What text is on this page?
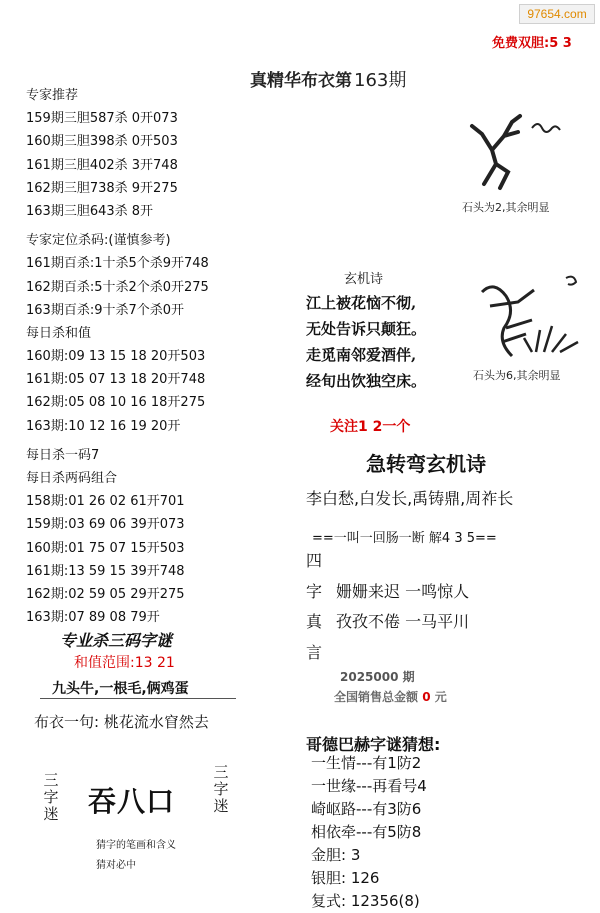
97654.com
免费双胆:5 3
真精华布衣第 163期
专家推荐
159期三胆587杀 0开073
160期三胆398杀 0开503
161期三胆402杀 3开748
162期三胆738杀 9开275
163期三胆643杀 8开
专家定位杀码:(谨慎参考)
161期百杀:1十杀5个杀9开748
162期百杀:5十杀2个杀0开275
163期百杀:9十杀7个杀0开
每日杀和值
160期:09 13 15 18 20开503
161期:05 07 13 18 20开748
162期:05 08 10 16 18开275
163期:10 12 16 19 20开
每日杀一码7
每日杀两码组合
158期:01 26 02 61开701
159期:03 69 06 39开073
160期:01 75 07 15开503
161期:13 59 15 39开748
162期:02 59 05 29开275
163期:07 89 08 79开
石头为2,其余明显
石头为6,其余明显
玄机诗
江上被花恼不彻,
无处告诉只颠狂。
走觅南邻爱酒伴,
经旬出饮独空床。
关注1 2一个
急转弯玄机诗
李白愁,白发长,禹铸鼎,周祚长
==一叫一回肠一断 解4 3 5==
四
字 姗姗来迟 一鸣惊人
真 孜孜不倦 一马平川
言
2025000 期
全国销售总金额 0 元
哥德巴赫字谜猜想:
一生情---有1防2
一世缘---再看号4
崎岖路---有3防6
相依牵---有5防8
金胆: 3
银胆: 126
复式: 12356(8)
专业杀三码字谜
和值范围:13 21
九头牛,一根毛,俩鸡蛋
布衣一句: 桃花流水窅然去
三
字
迷 吞八口
三
字
迷
猜字的笔画和含义
猜对必中
